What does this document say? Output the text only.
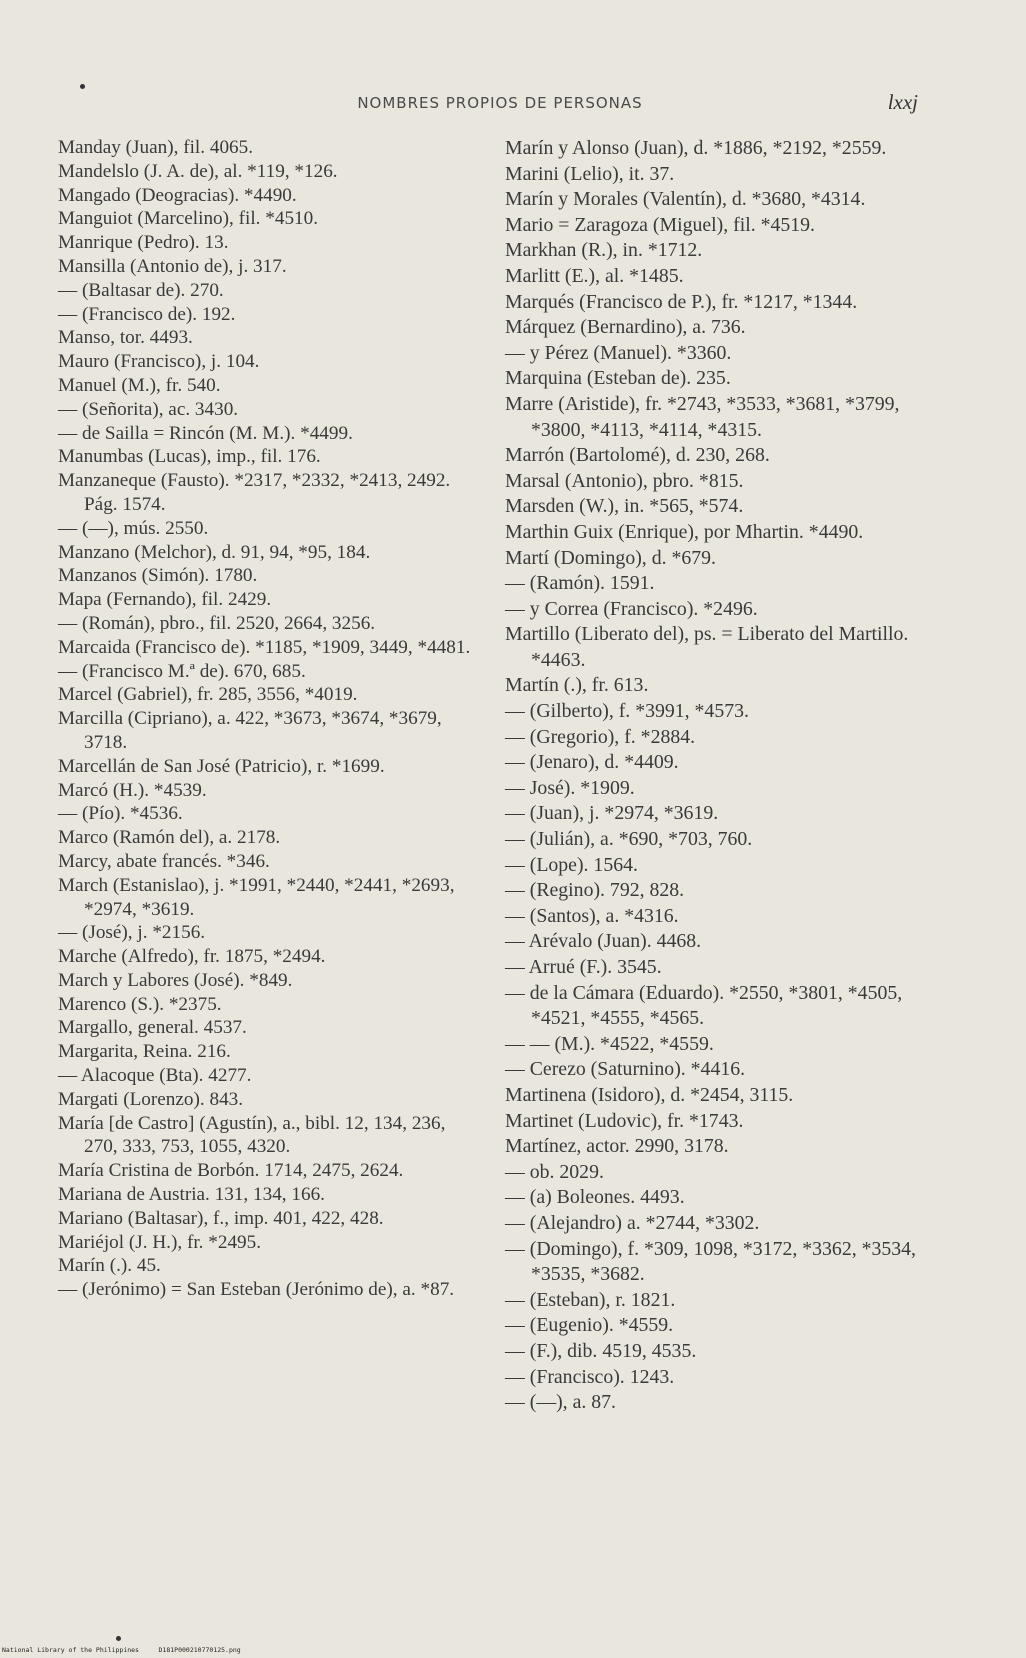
NOMBRES PROPIOS DE PERSONAS	lxxj
Manday (Juan), fil. 4065.
Mandelslo (J. A. de), al. *119, *126.
Mangado (Deogracias). *4490.
Manguiot (Marcelino), fil. *4510.
Manrique (Pedro). 13.
Mansilla (Antonio de), j. 317.
— (Baltasar de). 270.
— (Francisco de). 192.
Manso, tor. 4493.
Mauro (Francisco), j. 104.
Manuel (M.), fr. 540.
— (Señorita), ac. 3430.
— de Sailla = Rincón (M. M.). *4499.
Manumbas (Lucas), imp., fil. 176.
Manzaneque (Fausto). *2317, *2332, *2413, 2492. Pág. 1574.
— (—), mús. 2550.
Manzano (Melchor), d. 91, 94, *95, 184.
Manzanos (Simón). 1780.
Mapa (Fernando), fil. 2429.
— (Román), pbro., fil. 2520, 2664, 3256.
Marcaida (Francisco de). *1185, *1909, 3449, *4481.
— (Francisco M.ª de). 670, 685.
Marcel (Gabriel), fr. 285, 3556, *4019.
Marcilla (Cipriano), a. 422, *3673, *3674, *3679, 3718.
Marcellán de San José (Patricio), r. *1699.
Marcó (H.). *4539.
— (Pío). *4536.
Marco (Ramón del), a. 2178.
Marcy, abate francés. *346.
March (Estanislao), j. *1991, *2440, *2441, *2693, *2974, *3619.
— (José), j. *2156.
Marche (Alfredo), fr. 1875, *2494.
March y Labores (José). *849.
Marenco (S.). *2375.
Margallo, general. 4537.
Margarita, Reina. 216.
— Alacoque (Bta). 4277.
Margati (Lorenzo). 843.
María [de Castro] (Agustín), a., bibl. 12, 134, 236, 270, 333, 753, 1055, 4320.
María Cristina de Borbón. 1714, 2475, 2624.
Mariana de Austria. 131, 134, 166.
Mariano (Baltasar), f., imp. 401, 422, 428.
Mariéjol (J. H.), fr. *2495.
Marín (.). 45.
— (Jerónimo) = San Esteban (Jerónimo de), a. *87.
Marín y Alonso (Juan), d. *1886, *2192, *2559.
Marini (Lelio), it. 37.
Marín y Morales (Valentín), d. *3680, *4314.
Mario = Zaragoza (Miguel), fil. *4519.
Markhan (R.), in. *1712.
Marlitt (E.), al. *1485.
Marqués (Francisco de P.), fr. *1217, *1344.
Márquez (Bernardino), a. 736.
— y Pérez (Manuel). *3360.
Marquina (Esteban de). 235.
Marre (Aristide), fr. *2743, *3533, *3681, *3799, *3800, *4113, *4114, *4315.
Marrón (Bartolomé), d. 230, 268.
Marsal (Antonio), pbro. *815.
Marsden (W.), in. *565, *574.
Marthin Guix (Enrique), por Mhartin. *4490.
Martí (Domingo), d. *679.
— (Ramón). 1591.
— y Correa (Francisco). *2496.
Martillo (Liberato del), ps. = Liberato del Martillo. *4463.
Martín (.), fr. 613.
— (Gilberto), f. *3991, *4573.
— (Gregorio), f. *2884.
— (Jenaro), d. *4409.
— José). *1909.
— (Juan), j. *2974, *3619.
— (Julián), a. *690, *703, 760.
— (Lope). 1564.
— (Regino). 792, 828.
— (Santos), a. *4316.
— Arévalo (Juan). 4468.
— Arrué (F.). 3545.
— de la Cámara (Eduardo). *2550, *3801, *4505, *4521, *4555, *4565.
— — (M.). *4522, *4559.
— Cerezo (Saturnino). *4416.
Martinena (Isidoro), d. *2454, 3115.
Martinet (Ludovic), fr. *1743.
Martínez, actor. 2990, 3178.
— ob. 2029.
— (a) Boleones. 4493.
— (Alejandro) a. *2744, *3302.
— (Domingo), f. *309, 1098, *3172, *3362, *3534, *3535, *3682.
— (Esteban), r. 1821.
— (Eugenio). *4559.
— (F.), dib. 4519, 4535.
— (Francisco). 1243.
— (—), a. 87.
National Library of the Philippines     D181P000210770125.png
